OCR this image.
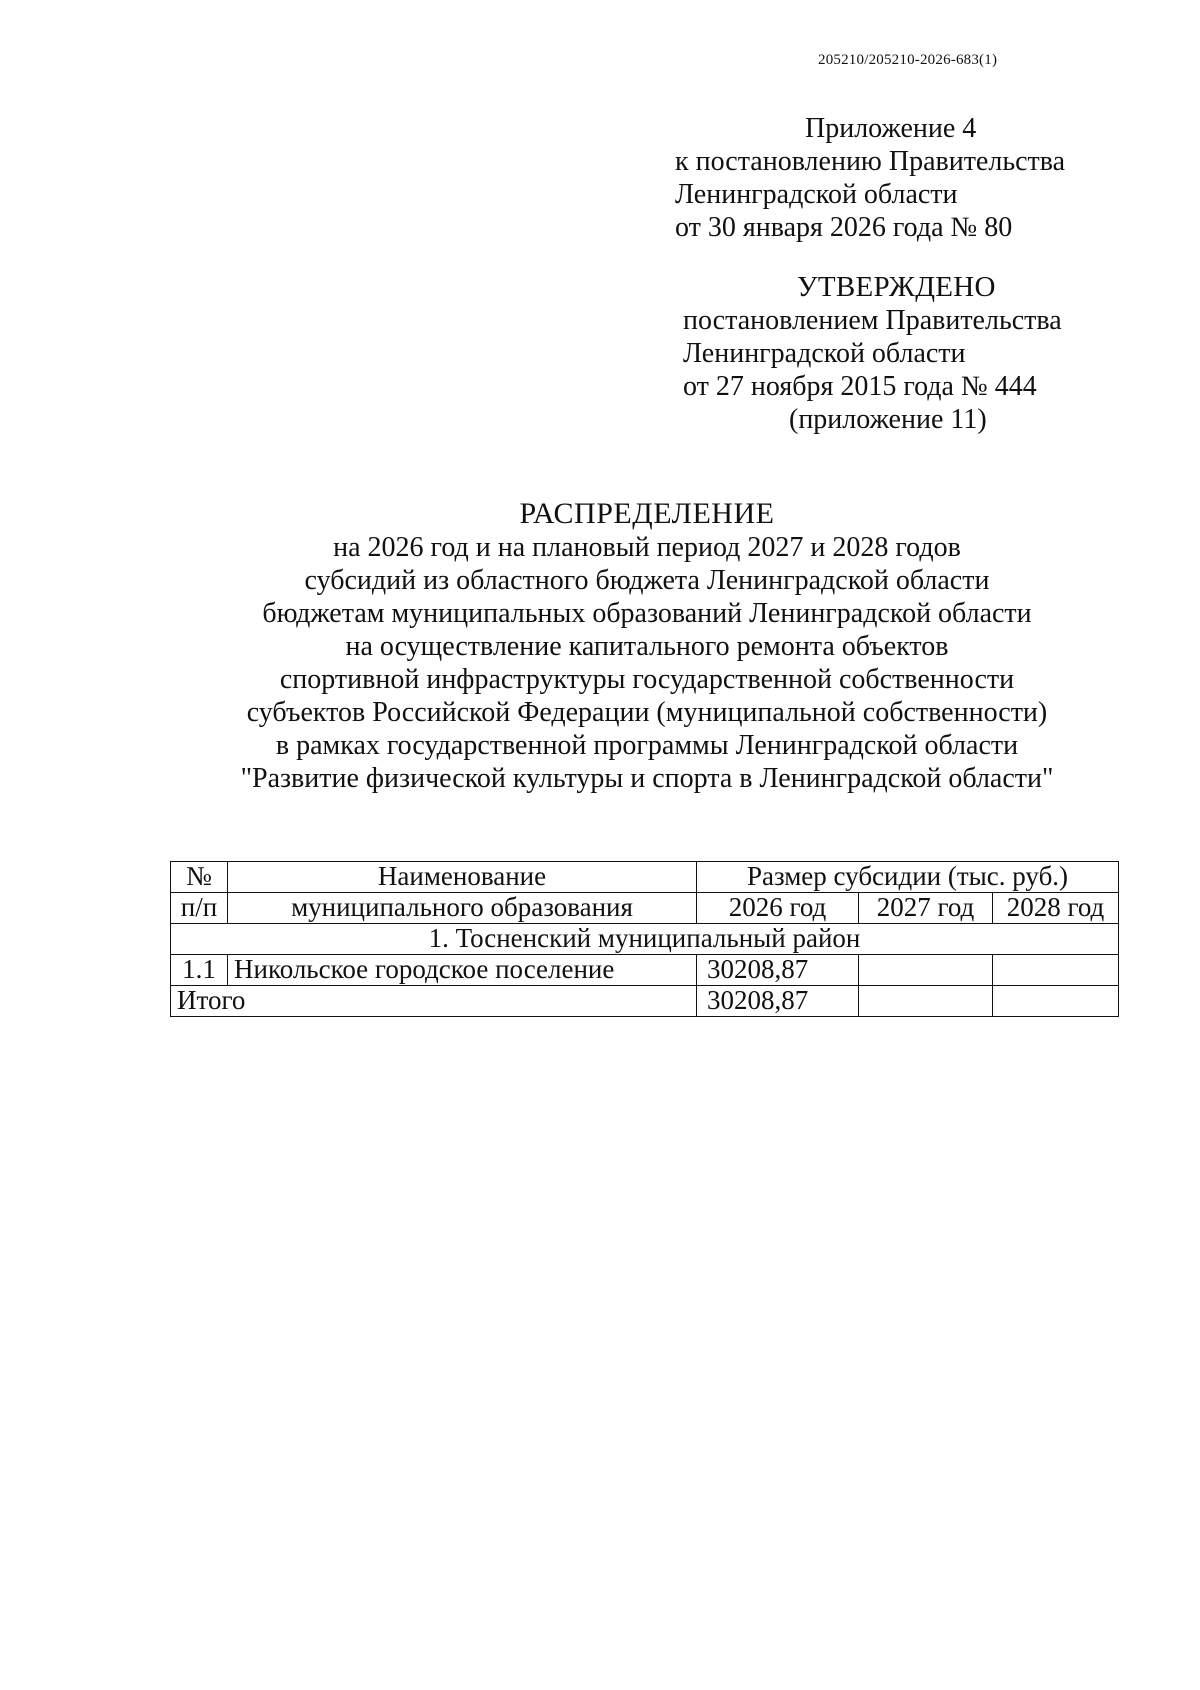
205210/205210-2026-683(1)
Приложение 4
к постановлению Правительства
Ленинградской области
от 30 января 2026 года № 80
УТВЕРЖДЕНО
постановлением Правительства
Ленинградской области
от 27 ноября 2015 года № 444
(приложение 11)
РАСПРЕДЕЛЕНИЕ
на 2026 год и на плановый период 2027 и 2028 годов
субсидий из областного бюджета Ленинградской области
бюджетам муниципальных образований Ленинградской области
на осуществление капитального ремонта объектов
спортивной инфраструктуры государственной собственности
субъектов Российской Федерации (муниципальной собственности)
в рамках государственной программы Ленинградской области
"Развитие физической культуры и спорта в Ленинградской области"
№	Наименование	Размер субсидии (тыс. руб.)		
п/п	муниципального образования	2026 год	2027 год	2028 год
1. Тосненский муниципальный район				
1.1	Никольское городское поселение	30208,87		
Итого		30208,87		
